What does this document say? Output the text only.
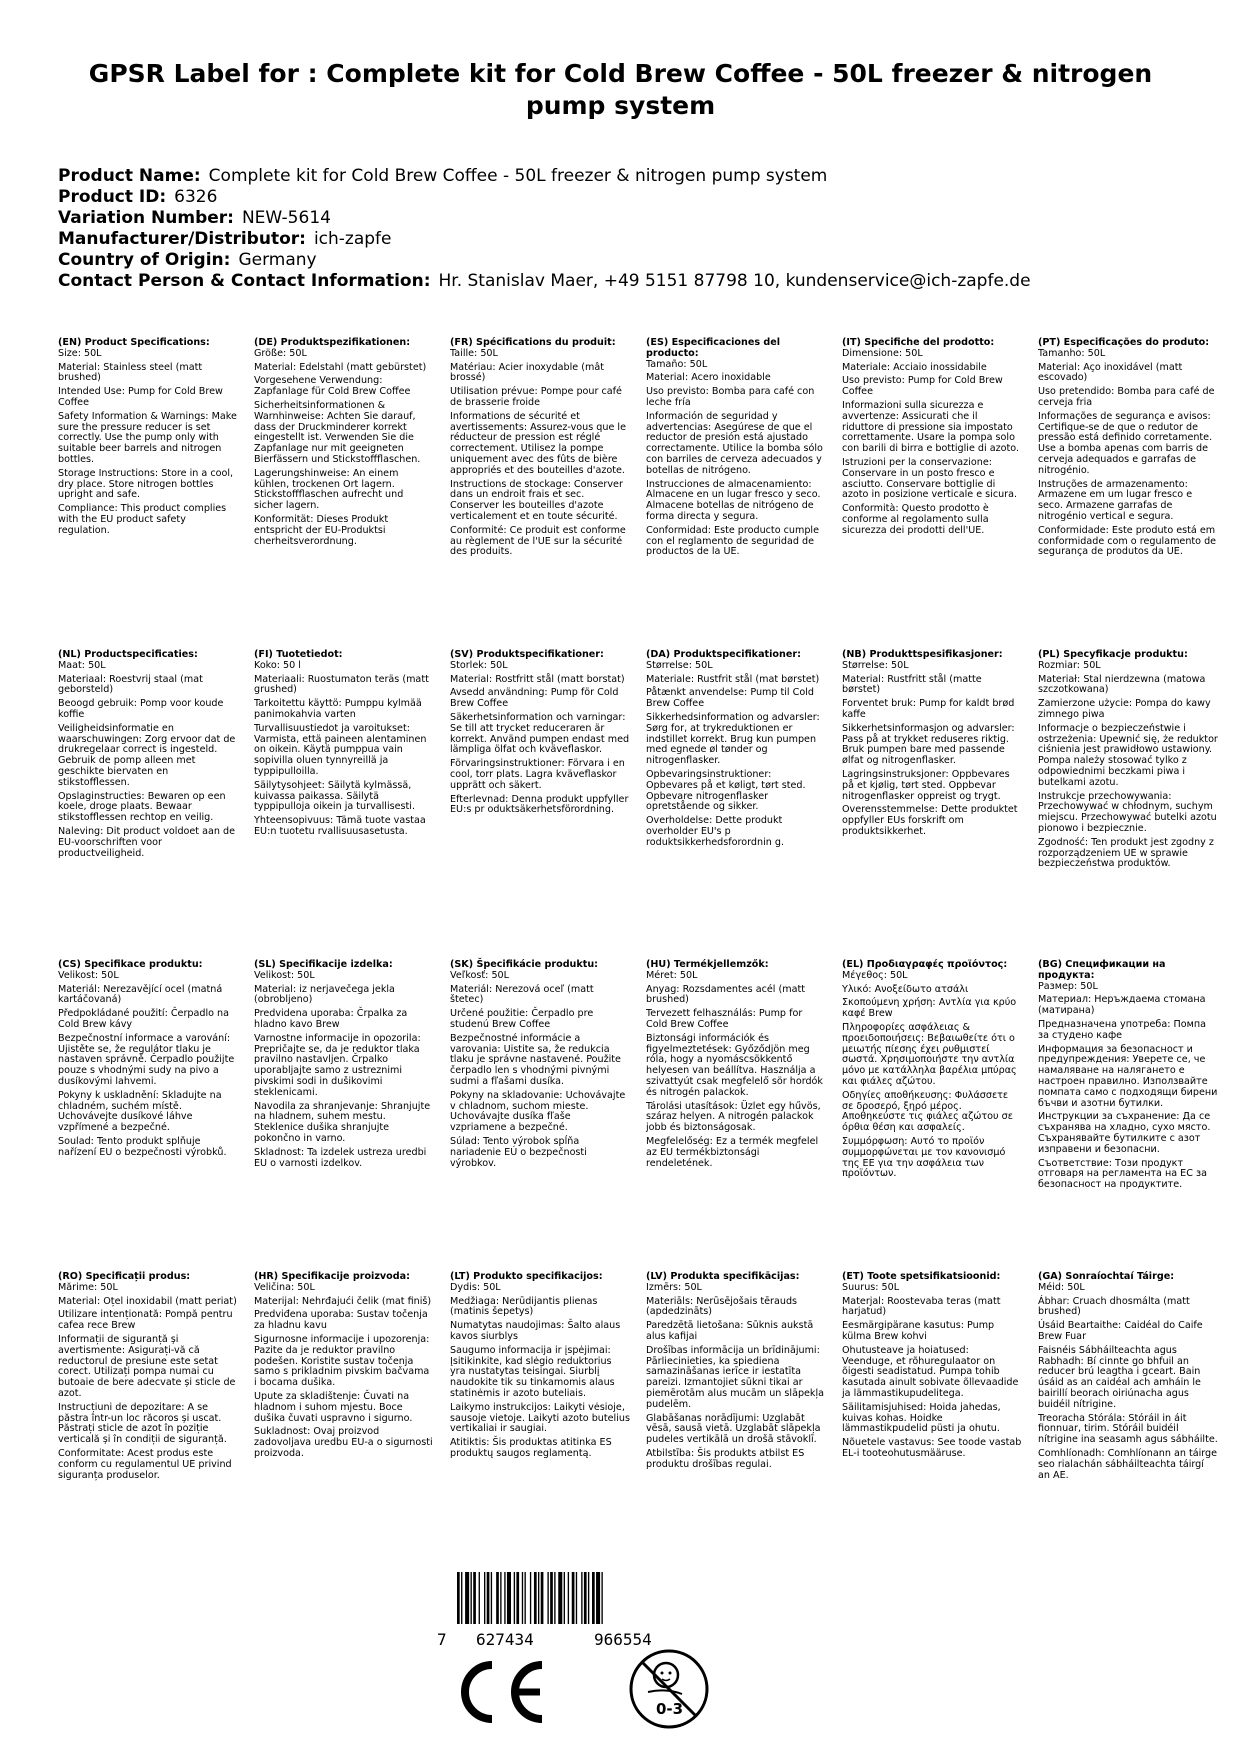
GPSR Label for : Complete kit for Cold Brew Coffee - 50L freezer & nitrogen pump system
Product Name: Complete kit for Cold Brew Coffee - 50L freezer & nitrogen pump system
Product ID: 6326
Variation Number: NEW-5614
Manufacturer/Distributor: ich-zapfe
Country of Origin: Germany
Contact Person & Contact Information: Hr. Stanislav Maer, +49 5151 87798 10, kundenservice@ich-zapfe.de
(EN) Product Specifications:

Size: 50L

Material: Stainless steel (matt brushed)

Intended Use: Pump for Cold Brew Coffee

Safety Information & Warnings: Make sure the pressure reducer is set correctly. Use the pump only with suitable beer barrels and nitrogen bottles.

Storage Instructions: Store in a cool, dry place. Store nitrogen bottles upright and safe.

Compliance: This product complies with the EU product safety regulation.

(DE) Produktspezifikationen:

Größe: 50L

Material: Edelstahl (matt gebürstet)

Vorgesehene Verwendung: Zapfanlage für Cold Brew Coffee

Sicherheitsinformationen & Warnhinweise: Achten Sie darauf, dass der Druckminderer korrekt eingestellt ist. Verwenden Sie die Zapfanlage nur mit geeigneten Bierfässern und Stickstoffflaschen.

Lagerungshinweise: An einem kühlen, trockenen Ort lagern. Stickstoffflaschen aufrecht und sicher lagern.

Konformität: Dieses Produkt entspricht der EU-Produktsi cherheitsverordnung.

(FR) Spécifications du produit:

Taille: 50L

Matériau: Acier inoxydable (mât brossé)

Utilisation prévue: Pompe pour café de brasserie froide

Informations de sécurité et avertissements: Assurez-vous que le réducteur de pression est réglé correctement. Utilisez la pompe uniquement avec des fûts de bière appropriés et des bouteilles d'azote.

Instructions de stockage: Conserver dans un endroit frais et sec. Conserver les bouteilles d'azote verticalement et en toute sécurité.

Conformité: Ce produit est conforme au règlement de l'UE sur la sécurité des produits.

(ES) Especificaciones del producto:

Tamaño: 50L

Material: Acero inoxidable

Uso previsto: Bomba para café con leche fría

Información de seguridad y advertencias: Asegúrese de que el reductor de presión está ajustado correctamente. Utilice la bomba sólo con barriles de cerveza adecuados y botellas de nitrógeno.

Instrucciones de almacenamiento: Almacene en un lugar fresco y seco. Almacene botellas de nitrógeno de forma directa y segura.

Conformidad: Este producto cumple con el reglamento de seguridad de productos de la UE.

(IT) Specifiche del prodotto:

Dimensione: 50L

Materiale: Acciaio inossidabile

Uso previsto: Pump for Cold Brew Coffee

Informazioni sulla sicurezza e avvertenze: Assicurati che il riduttore di pressione sia impostato correttamente. Usare la pompa solo con barili di birra e bottiglie di azoto.

Istruzioni per la conservazione: Conservare in un posto fresco e asciutto. Conservare bottiglie di azoto in posizione verticale e sicura.

Conformità: Questo prodotto è conforme al regolamento sulla sicurezza dei prodotti dell'UE.

(PT) Especificações do produto:

Tamanho: 50L

Material: Aço inoxidável (matt escovado)

Uso pretendido: Bomba para café de cerveja fria

Informações de segurança e avisos: Certifique-se de que o redutor de pressão está definido corretamente. Use a bomba apenas com barris de cerveja adequados e garrafas de nitrogénio.

Instruções de armazenamento: Armazene em um lugar fresco e seco. Armazene garrafas de nitrogénio vertical e segura.

Conformidade: Este produto está em conformidade com o regulamento de segurança de produtos da UE.

(NL) Productspecificaties:

Maat: 50L

Materiaal: Roestvrij staal (mat geborsteld)

Beoogd gebruik: Pomp voor koude koffie

Veiligheidsinformatie en waarschuwingen: Zorg ervoor dat de drukregelaar correct is ingesteld. Gebruik de pomp alleen met geschikte biervaten en stikstofflessen.

Opslaginstructies: Bewaren op een koele, droge plaats. Bewaar stikstofflessen rechtop en veilig.

Naleving: Dit product voldoet aan de EU-voorschriften voor productveiligheid.

(FI) Tuotetiedot:

Koko: 50 l

Materiaali: Ruostumaton teräs (matt grushed)

Tarkoitettu käyttö: Pumppu kylmää panimokahvia varten

Turvallisuustiedot ja varoitukset: Varmista, että paineen alentaminen on oikein. Käytä pumppua vain sopivilla oluen tynnyreillä ja typpipulloilla.

Säilytysohjeet: Säilytä kylmässä, kuivassa paikassa. Säilytä typpipulloja oikein ja turvallisesti.

Yhteensopivuus: Tämä tuote vastaa EU:n tuotetu rvallisuusasetusta.

(SV) Produktspecifikationer:

Storlek: 50L

Material: Rostfritt stål (matt borstat)

Avsedd användning: Pump för Cold Brew Coffee

Säkerhetsinformation och varningar: Se till att trycket reduceraren är korrekt. Använd pumpen endast med lämpliga ölfat och kväveflaskor.

Förvaringsinstruktioner: Förvara i en cool, torr plats. Lagra kväveflaskor upprätt och säkert.

Efterlevnad: Denna produkt uppfyller EU:s pr oduktsäkerhetsförordning.

(DA) Produktspecifikationer:

Størrelse: 50L

Materiale: Rustfrit stål (mat børstet)

Påtænkt anvendelse: Pump til Cold Brew Coffee

Sikkerhedsinformation og advarsler: Sørg for, at trykreduktionen er indstillet korrekt. Brug kun pumpen med egnede øl tønder og nitrogenflasker.

Opbevaringsinstruktioner: Opbevares på et køligt, tørt sted. Opbevare nitrogenflasker opretstående og sikker.

Overholdelse: Dette produkt overholder EU's p roduktsikkerhedsforordnin g.

(NB) Produkttspesifikasjoner:

Størrelse: 50L

Material: Rustfritt stål (matte børstet)

Forventet bruk: Pump for kaldt brød kaffe

Sikkerhetsinformasjon og advarsler: Pass på at trykket reduseres riktig. Bruk pumpen bare med passende ølfat og nitrogenflasker.

Lagringsinstruksjoner: Oppbevares på et kjølig, tørt sted. Oppbevar nitrogenflasker oppreist og trygt.

Overensstemmelse: Dette produktet oppfyller EUs forskrift om produktsikkerhet.

(PL) Specyfikacje produktu:

Rozmiar: 50L

Materiał: Stal nierdzewna (matowa szczotkowana)

Zamierzone użycie: Pompa do kawy zimnego piwa

Informacje o bezpieczeństwie i ostrzeżenia: Upewnić się, że reduktor ciśnienia jest prawidłowo ustawiony. Pompa należy stosować tylko z odpowiednimi beczkami piwa i butelkami azotu.

Instrukcje przechowywania: Przechowywać w chłodnym, suchym miejscu. Przechowywać butelki azotu pionowo i bezpiecznie.

Zgodność: Ten produkt jest zgodny z rozporządzeniem UE w sprawie bezpieczeństwa produktów.

(CS) Specifikace produktu:

Velikost: 50L

Materiál: Nerezavějící ocel (matná kartáčovaná)

Předpokládané použití: Čerpadlo na Cold Brew kávy

Bezpečnostní informace a varování: Ujistěte se, že regulátor tlaku je nastaven správně. Čerpadlo použijte pouze s vhodnými sudy na pivo a dusíkovými lahvemi.

Pokyny k uskladnění: Skladujte na chladném, suchém místě. Uchovávejte dusíkové láhve vzpřímené a bezpečné.

Soulad: Tento produkt splňuje nařízení EU o bezpečnosti výrobků.

(SL) Specifikacije izdelka:

Velikost: 50L

Material: iz nerjavečega jekla (obrobljeno)

Predvidena uporaba: Črpalka za hladno kavo Brew

Varnostne informacije in opozorila: Prepričajte se, da je reduktor tlaka pravilno nastavljen. Črpalko uporabljajte samo z ustreznimi pivskimi sodi in dušikovimi steklenicami.

Navodila za shranjevanje: Shranjujte na hladnem, suhem mestu. Steklenice dušika shranjujte pokončno in varno.

Skladnost: Ta izdelek ustreza uredbi EU o varnosti izdelkov.

(SK) Špecifikácie produktu:

Veľkosť: 50L

Materiál: Nerezová oceľ (matt štetec)

Určené použitie: Čerpadlo pre studenú Brew Coffee

Bezpečnostné informácie a varovania: Uistite sa, že redukcia tlaku je správne nastavené. Použite čerpadlo len s vhodnými pivnými sudmi a fľašami dusíka.

Pokyny na skladovanie: Uchovávajte v chladnom, suchom mieste. Uchovávajte dusíka fľaše vzpriamene a bezpečné.

Súlad: Tento výrobok spĺňa nariadenie EÚ o bezpečnosti výrobkov.

(HU) Termékjellemzők:

Méret: 50L

Anyag: Rozsdamentes acél (matt brushed)

Tervezett felhasználás: Pump for Cold Brew Coffee

Biztonsági információk és figyelmeztetések: Győződjön meg róla, hogy a nyomáscsökkentő helyesen van beállítva. Használja a szivattyút csak megfelelő sör hordók és nitrogén palackok.

Tárolási utasítások: Üzlet egy hűvös, száraz helyen. A nitrogén palackok jobb és biztonságosak.

Megfelelőség: Ez a termék megfelel az EU termékbiztonsági rendeletének.

(EL) Προδιαγραφές προϊόντος:

Μέγεθος: 50L

Υλικό: Ανοξείδωτο ατσάλι

Σκοπούμενη χρήση: Αντλία για κρύο καφέ Brew

Πληροφορίες ασφάλειας & προειδοποιήσεις: Βεβαιωθείτε ότι ο μειωτής πίεσης έχει ρυθμιστεί σωστά. Χρησιμοποιήστε την αντλία μόνο με κατάλληλα βαρέλια μπύρας και φιάλες αζώτου.

Οδηγίες αποθήκευσης: Φυλάσσετε σε δροσερό, ξηρό μέρος. Αποθηκεύστε τις φιάλες αζώτου σε όρθια θέση και ασφαλείς.

Συμμόρφωση: Αυτό το προϊόν συμμορφώνεται με τον κανονισμό της ΕΕ για την ασφάλεια των προϊόντων.

(BG) Спецификации на продукта:

Размер: 50L

Материал: Неръждаема стомана (матирана)

Предназначена употреба: Помпа за студено кафе

Информация за безопасност и предупреждения: Уверете се, че намаляване на налягането е настроен правилно. Използвайте помпата само с подходящи бирени бъчви и азотни бутилки.

Инструкции за съхранение: Да се съхранява на хладно, сухо място. Съхранявайте бутилките с азот изправени и безопасни.

Съответствие: Този продукт отговаря на регламента на ЕС за безопасност на продуктите.

(RO) Specificații produs:

Mărime: 50L

Material: Oțel inoxidabil (matt periat)

Utilizare intenționată: Pompă pentru cafea rece Brew

Informații de siguranță și avertismente: Asigurați-vă că reductorul de presiune este setat corect. Utilizați pompa numai cu butoaie de bere adecvate și sticle de azot.

Instrucțiuni de depozitare: A se păstra într-un loc răcoros și uscat. Păstrați sticle de azot în poziție verticală și în condiții de siguranță.

Conformitate: Acest produs este conform cu regulamentul UE privind siguranța produselor.

(HR) Specifikacije proizvoda:

Veličina: 50L

Materijal: Nehrđajući čelik (mat finiš)

Predviđena uporaba: Sustav točenja za hladnu kavu

Sigurnosne informacije i upozorenja: Pazite da je reduktor pravilno podešen. Koristite sustav točenja samo s prikladnim pivskim bačvama i bocama dušika.

Upute za skladištenje: Čuvati na hladnom i suhom mjestu. Boce dušika čuvati uspravno i sigurno.

Sukladnost: Ovaj proizvod zadovoljava uredbu EU-a o sigurnosti proizvoda.

(LT) Produkto specifikacijos:

Dydis: 50L

Medžiaga: Nerūdijantis plienas (matinis šepetys)

Numatytas naudojimas: Šalto alaus kavos siurblys

Saugumo informacija ir įspėjimai: Įsitikinkite, kad slėgio reduktorius yra nustatytas teisingai. Siurblį naudokite tik su tinkamomis alaus statinėmis ir azoto buteliais.

Laikymo instrukcijos: Laikyti vėsioje, sausoje vietoje. Laikyti azoto butelius vertikaliai ir saugiai.

Atitiktis: Šis produktas atitinka ES produktų saugos reglamentą.

(LV) Produkta specifikācijas:

Izmērs: 50L

Materiāls: Nerūsējošais tērauds (apdedzināts)

Paredzētā lietošana: Sūknis aukstā alus kafijai

Drošības informācija un brīdinājumi: Pārliecinieties, ka spiediena samazināšanas ierīce ir iestatīta pareizi. Izmantojiet sūkni tikai ar piemērotām alus mucām un slāpekļa pudelēm.

Glabāšanas norādījumi: Uzglabāt vēsā, sausā vietā. Uzglabāt slāpekļa pudeles vertikālā un drošā stāvoklī.

Atbilstība: Šis produkts atbilst ES produktu drošības regulai.

(ET) Toote spetsifikatsioonid:

Suurus: 50L

Materjal: Roostevaba teras (matt harjatud)

Eesmärgipärane kasutus: Pump külma Brew kohvi

Ohutusteave ja hoiatused: Veenduge, et rõhuregulaator on õigesti seadistatud. Pumpa tohib kasutada ainult sobivate õllevaadide ja lämmastikupudelitega.

Säilitamisjuhised: Hoida jahedas, kuivas kohas. Hoidke lämmastikpudelid püsti ja ohutu.

Nõuetele vastavus: See toode vastab EL-i tooteohutusmääruse.

(GA) Sonraíochtaí Táirge:

Méid: 50L

Ábhar: Cruach dhosmálta (matt brushed)

Úsáid Beartaithe: Caidéal do Caife Brew Fuar

Faisnéis Sábháilteachta agus Rabhadh: Bí cinnte go bhfuil an reducer brú leagtha i gceart. Bain úsáid as an caidéal ach amháin le bairillí beorach oiriúnacha agus buidéil nítrigine.

Treoracha Stórála: Stóráil in áit fionnuar, tirim. Stóráil buidéil nítrigine ina seasamh agus sábháilte.

Comhlíonadh: Comhlíonann an táirge seo rialachán sábháilteachta táirgí an AE.

7 627434	966554
0-3
